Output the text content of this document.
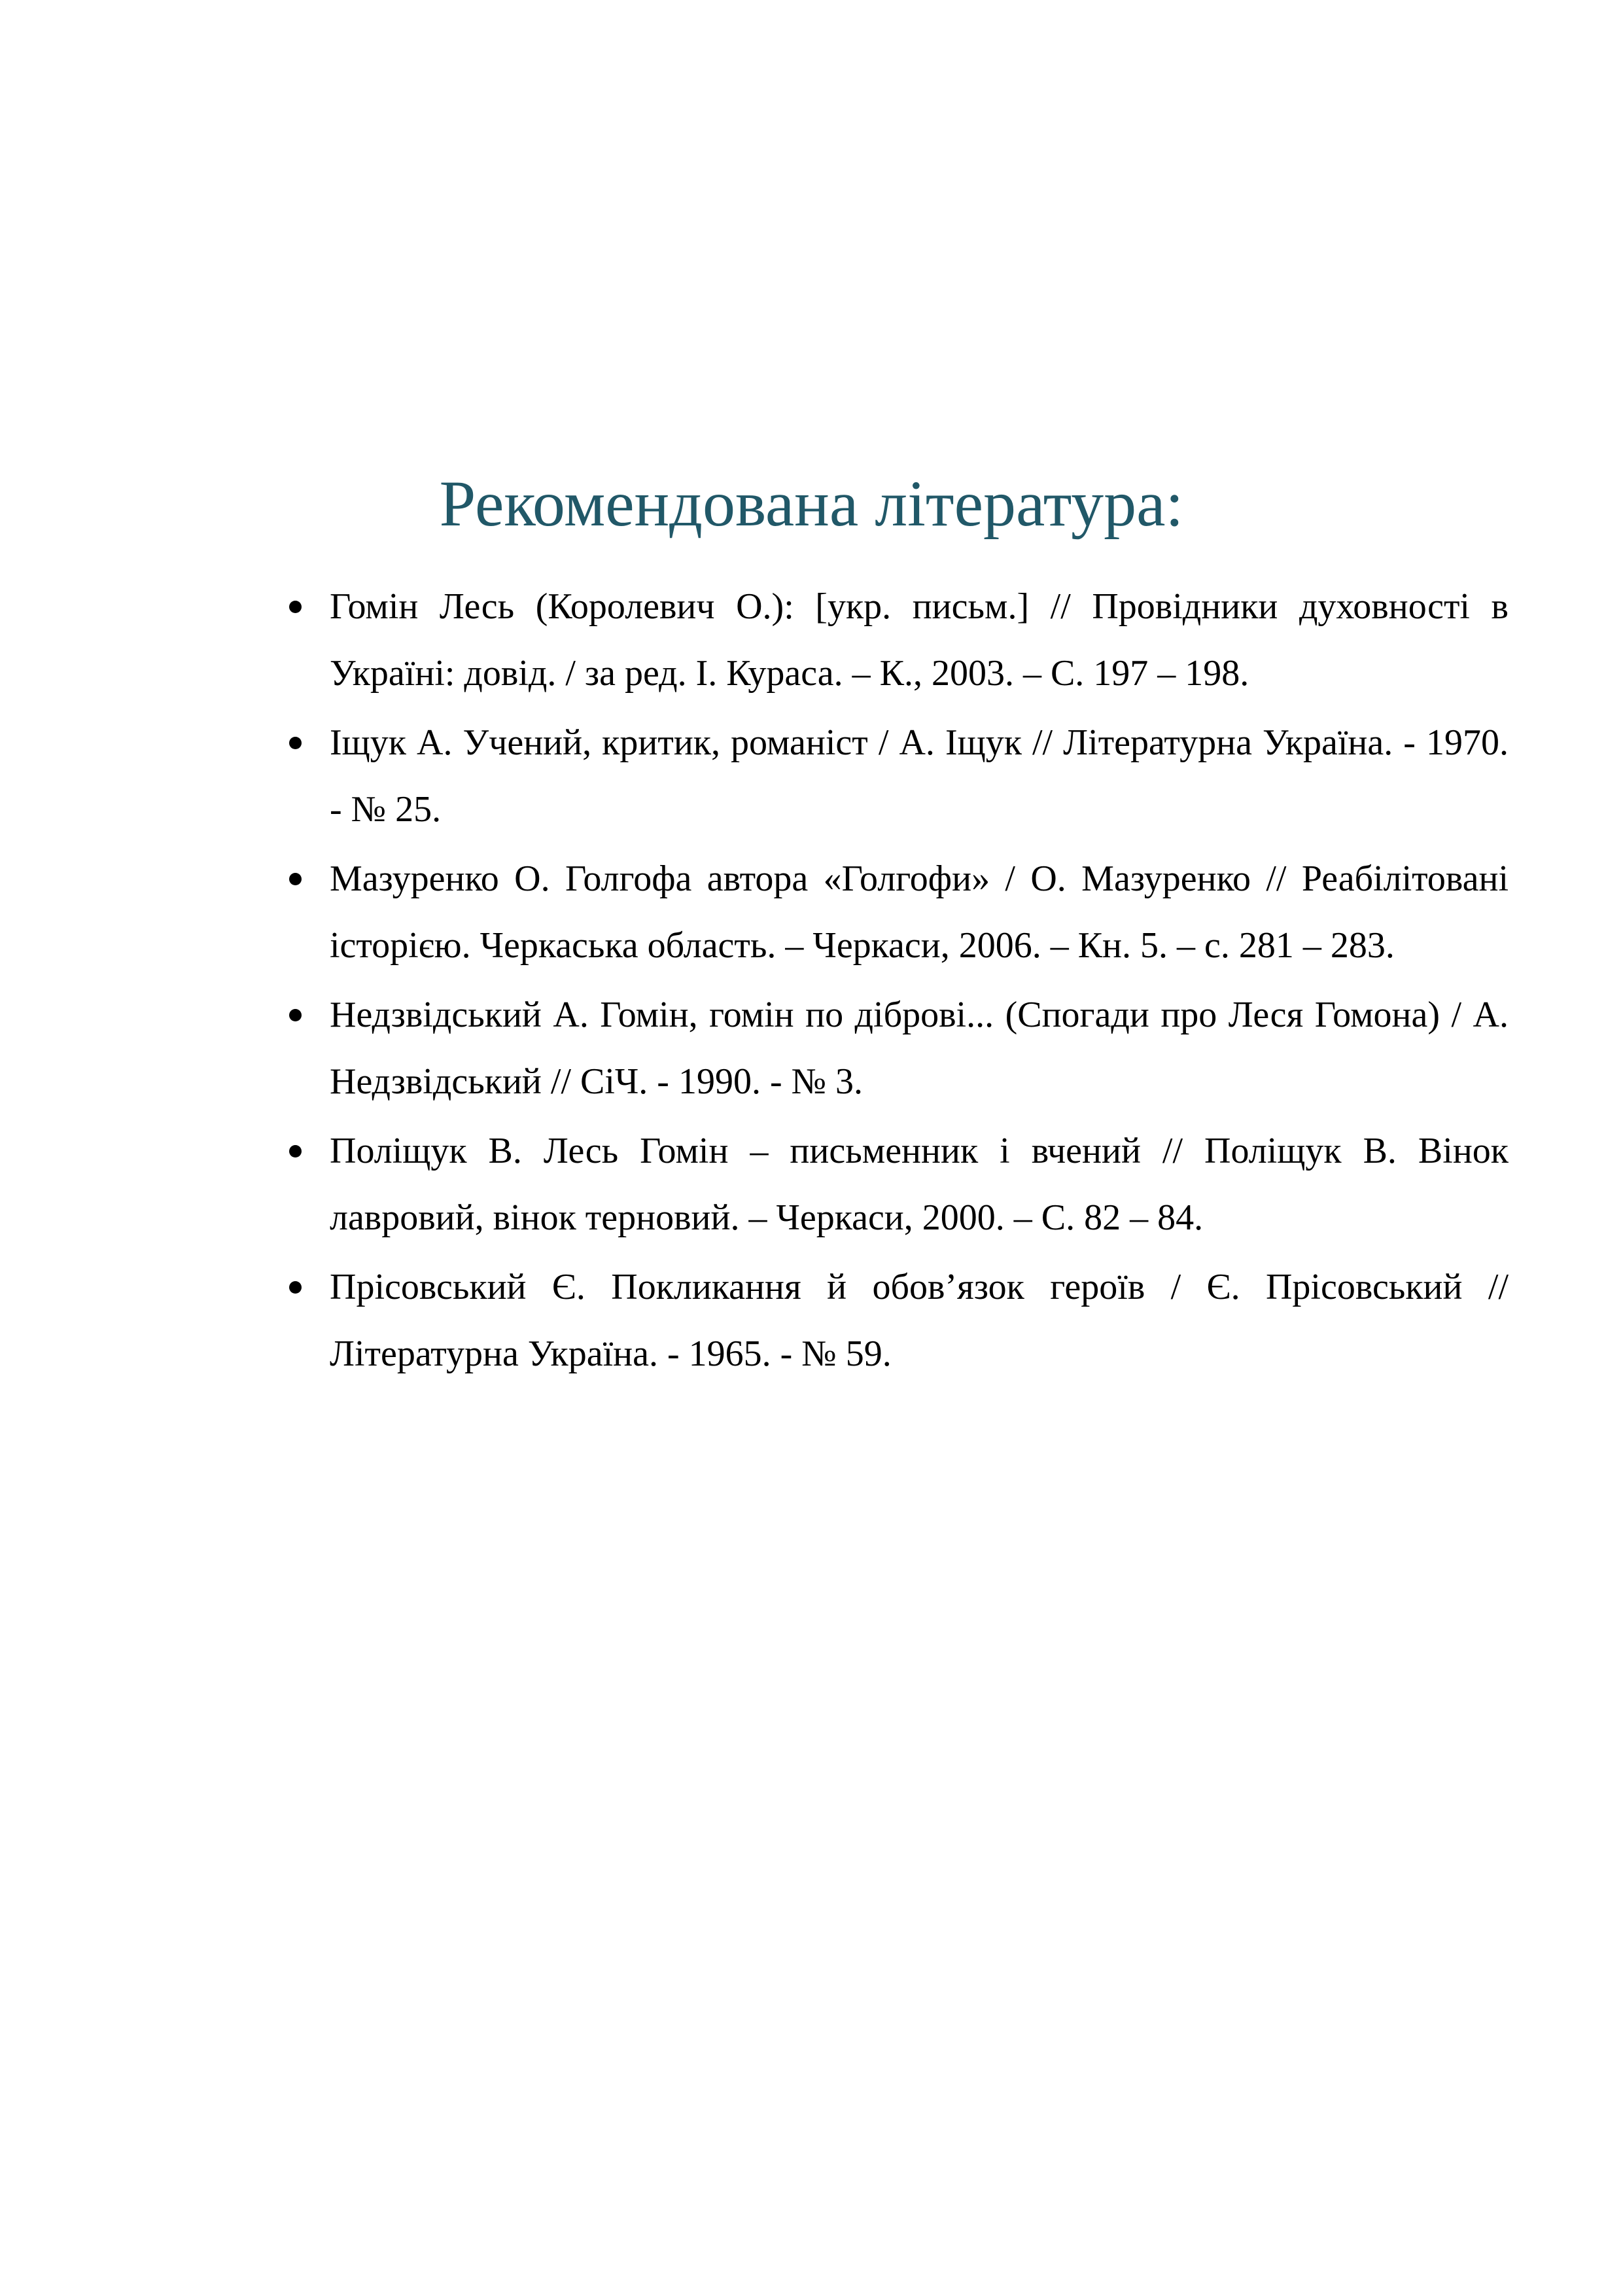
Рекомендована література:
Гомін Лесь (Королевич О.): [укр. письм.] // Провідники духовності в Україні: довід. / за ред. І. Кураса. – К., 2003. – С. 197 – 198.
Іщук А. Учений, критик, романіст / А. Іщук // Літературна Україна. - 1970. - № 25.
Мазуренко О. Голгофа автора «Голгофи» / О. Мазуренко // Реабілітовані історією. Черкаська область. – Черкаси, 2006. – Кн. 5. – с. 281 – 283.
Недзвідський А. Гомін, гомін по діброві... (Спогади про Леся Гомона) / А. Недзвідський // СіЧ. - 1990. - № 3.
Поліщук В. Лесь Гомін – письменник і вчений // Поліщук В. Вінок лавровий, вінок терновий. – Черкаси, 2000. – С. 82 – 84.
Прісовський Є. Покликання й обов’язок героїв / Є. Прісовський // Літературна Україна. - 1965. - № 59.
